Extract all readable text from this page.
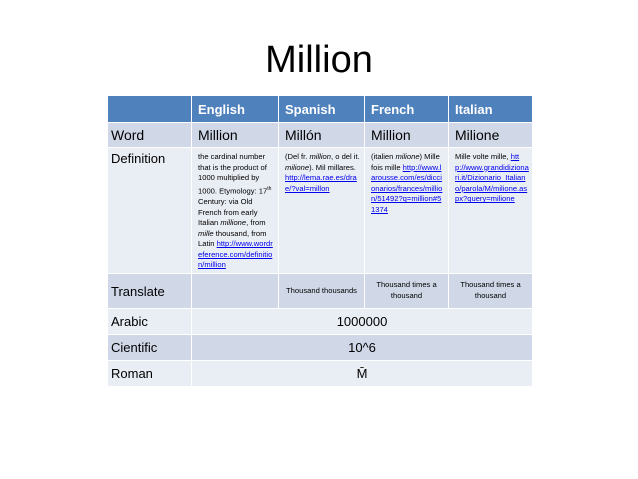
Million
	English	Spanish	French	Italian
Word	Million	Millón	Million	Milione
Definition	the cardinal number that is the product of 1000 multiplied by 1000. Etymology: 17th Century: via Old French from early Italian millione, from mille thousand, from Latin http://www.wordreference.com/definition/million	(Del fr. million, o del it. milione). Mil millares. http://lema.rae.es/drae/?val=millon	(italien milione) Mille fois mille http://www.larousse.com/es/diccionarios/frances/million/51492?q=million#51374	Mille volte mille, http://www.grandidizionari.it/Dizionario_Italiano/parola/M/milione.aspx?query=milione
Translate		Thousand thousands	Thousand times a thousand	Thousand times a thousand
Arabic	1000000			
Cientific	10^6			
Roman	M̄			
